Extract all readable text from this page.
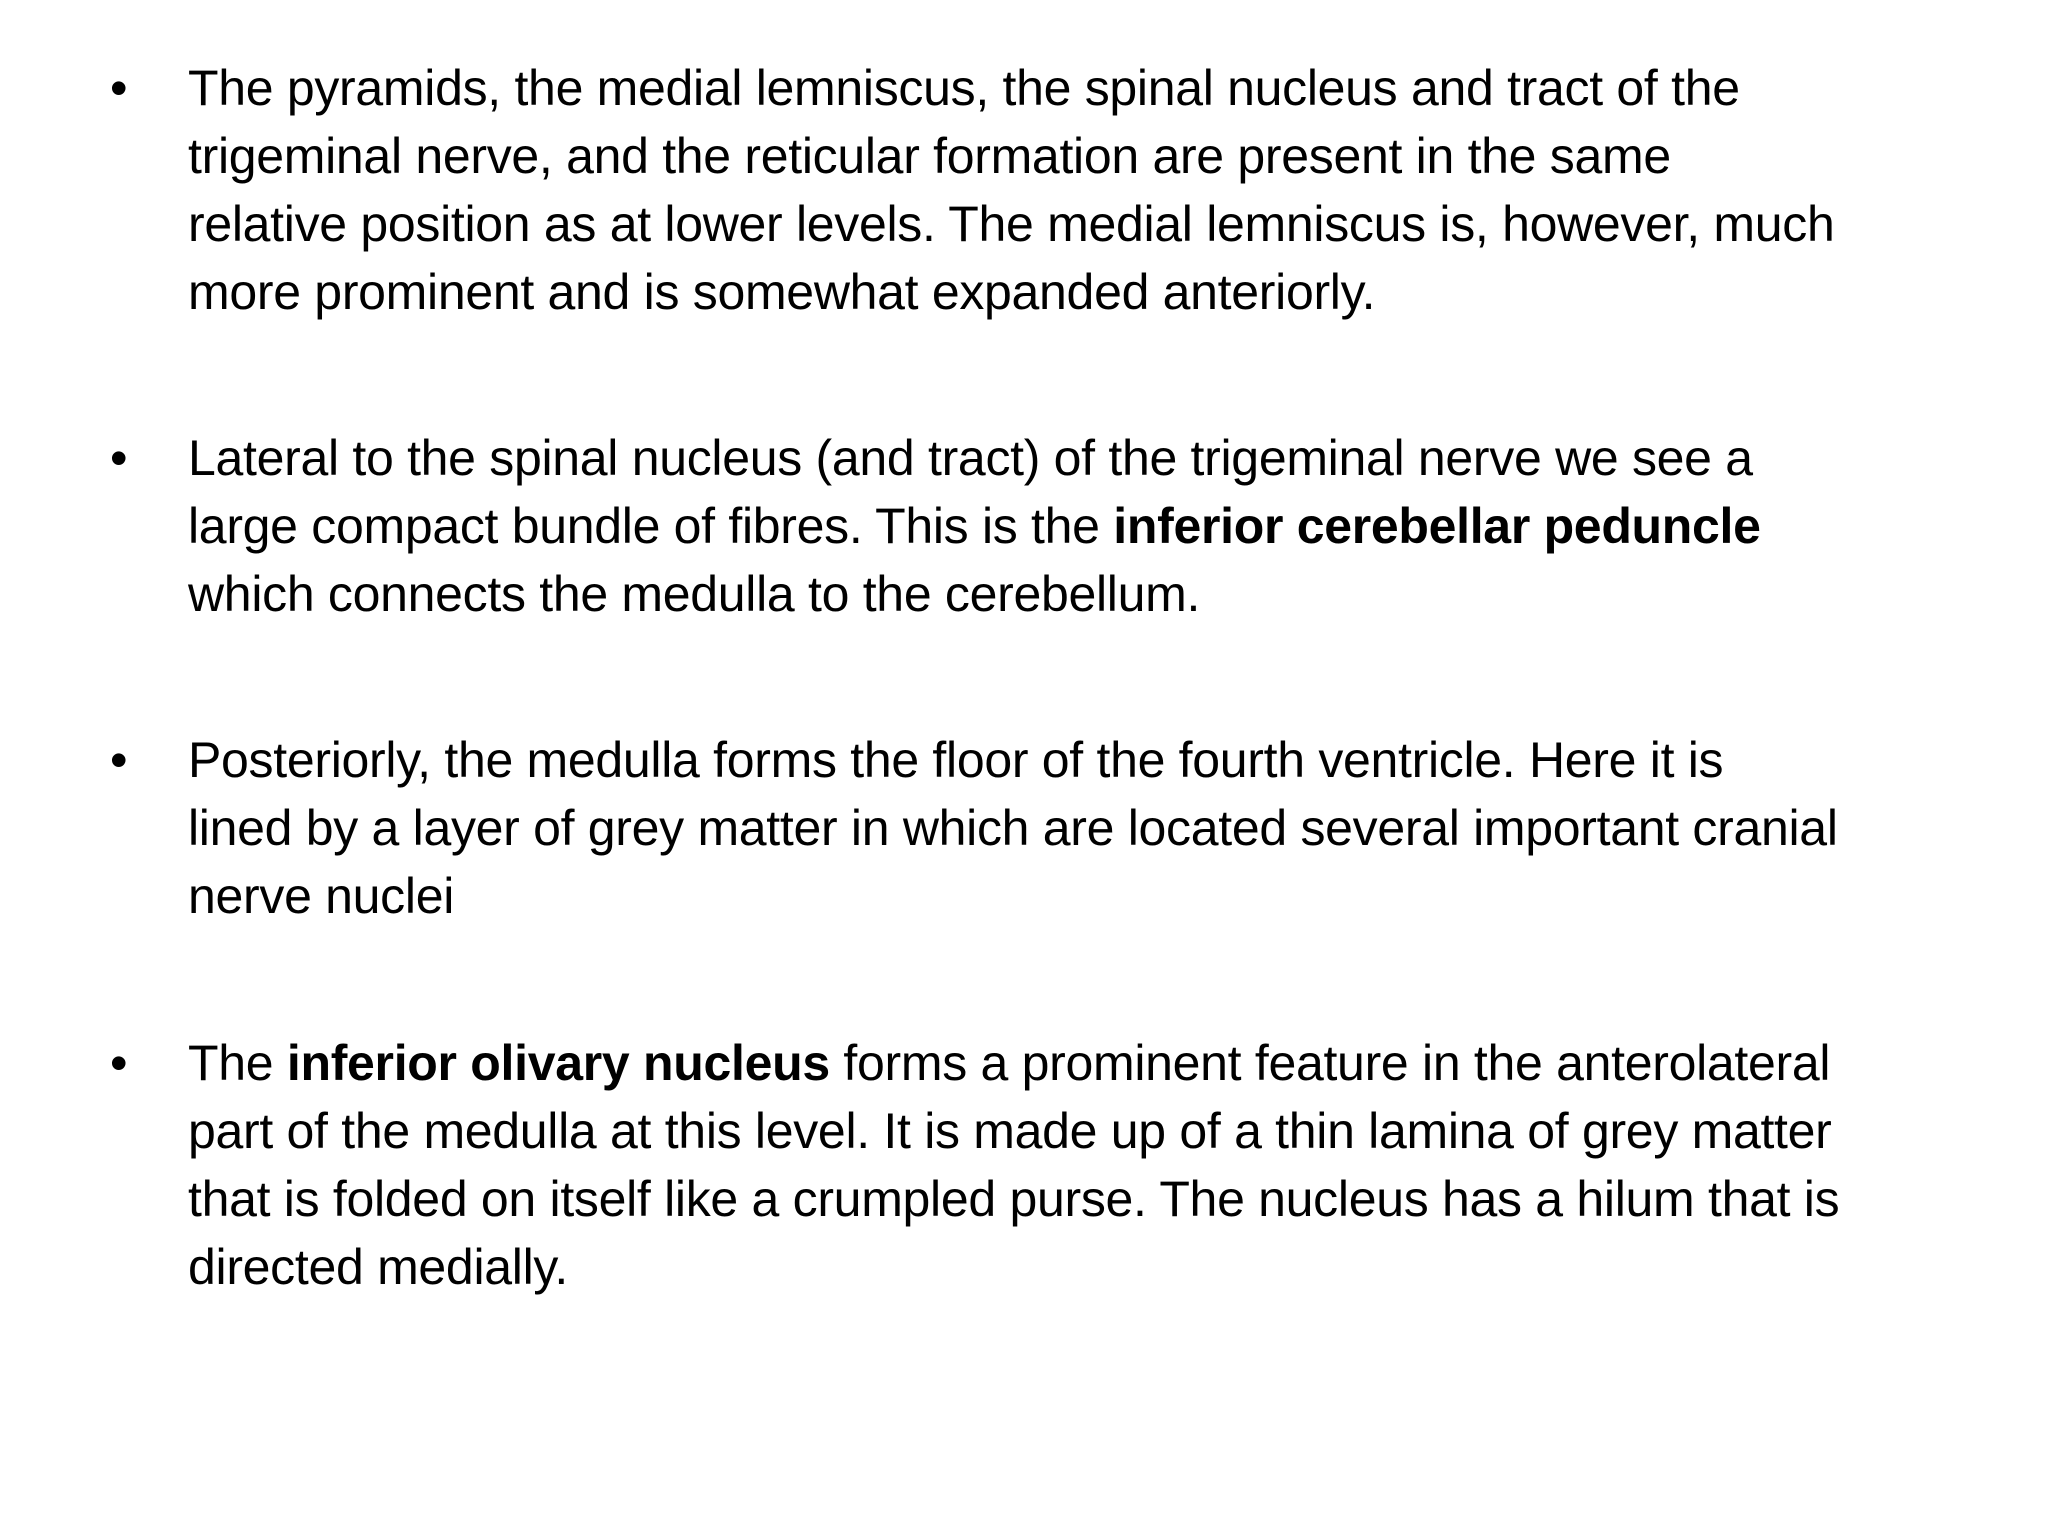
• The pyramids, the medial lemniscus, the spinal nucleus and tract of the
trigeminal nerve, and the reticular formation are present in the same
relative position as at lower levels. The medial lemniscus is, however, much
more prominent and is somewhat expanded anteriorly.
• Lateral to the spinal nucleus (and tract) of the trigeminal nerve we see a
large compact bundle of fibres. This is the inferior cerebellar peduncle
which connects the medulla to the cerebellum.
• Posteriorly, the medulla forms the floor of the fourth ventricle. Here it is
lined by a layer of grey matter in which are located several important cranial
nerve nuclei
• The inferior olivary nucleus forms a prominent feature in the anterolateral
part of the medulla at this level. It is made up of a thin lamina of grey matter
that is folded on itself like a crumpled purse. The nucleus has a hilum that is
directed medially.
